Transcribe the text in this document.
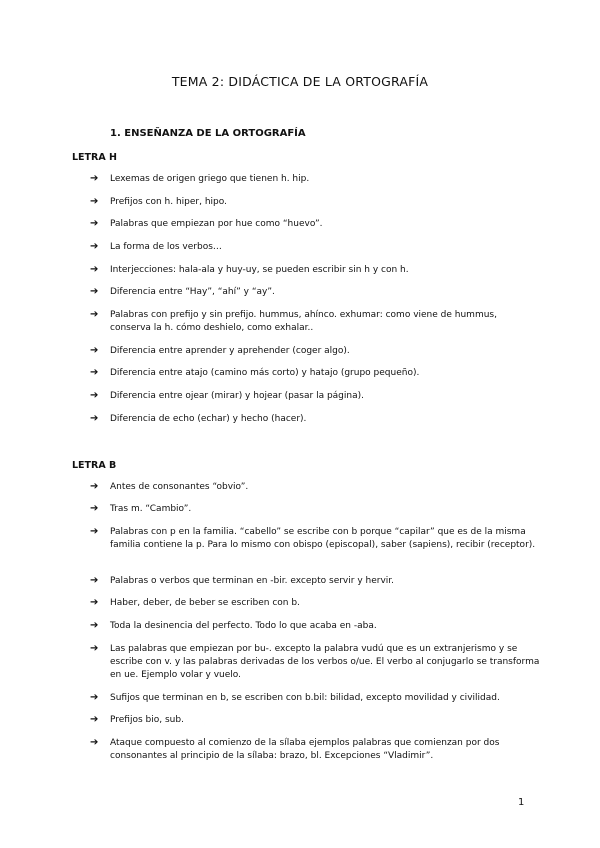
TEMA 2: DIDÁCTICA DE LA ORTOGRAFÍA
1. ENSEÑANZA DE LA ORTOGRAFÍA
LETRA H
➔ Lexemas de origen griego que tienen h. hip.
➔ Prefijos con h. hiper, hipo.
➔ Palabras que empiezan por hue como “huevo”.
➔ La forma de los verbos…
➔ Interjecciones: hala-ala y huy-uy, se pueden escribir sin h y con h.
➔ Diferencia entre “Hay”, “ahí” y “ay”.
➔ Palabras con prefijo y sin prefijo. hummus, ahínco. exhumar: como viene de hummus, conserva la h. cómo deshielo, como exhalar..
➔ Diferencia entre aprender y aprehender (coger algo).
➔ Diferencia entre atajo (camino más corto) y hatajo (grupo pequeño).
➔ Diferencia entre ojear (mirar) y hojear (pasar la página).
➔ Diferencia de echo (echar) y hecho (hacer).
LETRA B
➔ Antes de consonantes “obvio”.
➔ Tras m. “Cambio”.
➔ Palabras con p en la familia. “cabello” se escribe con b porque “capilar” que es de la misma familia contiene la p. Para lo mismo con obispo (episcopal), saber (sapiens), recibir (receptor).
➔ Palabras o verbos que terminan en -bir. excepto servir y hervir.
➔ Haber, deber, de beber se escriben con b.
➔ Toda la desinencia del perfecto. Todo lo que acaba en -aba.
➔ Las palabras que empiezan por bu-. excepto la palabra vudú que es un extranjerismo y se escribe con v. y las palabras derivadas de los verbos o/ue. El verbo al conjugarlo se transforma en ue. Ejemplo volar y vuelo.
➔ Sufijos que terminan en b, se escriben con b.bil: bilidad, excepto movilidad y civilidad.
➔ Prefijos bio, sub.
➔ Ataque compuesto al comienzo de la sílaba ejemplos palabras que comienzan por dos consonantes al principio de la sílaba: brazo, bl. Excepciones “Vladimir”.
1
